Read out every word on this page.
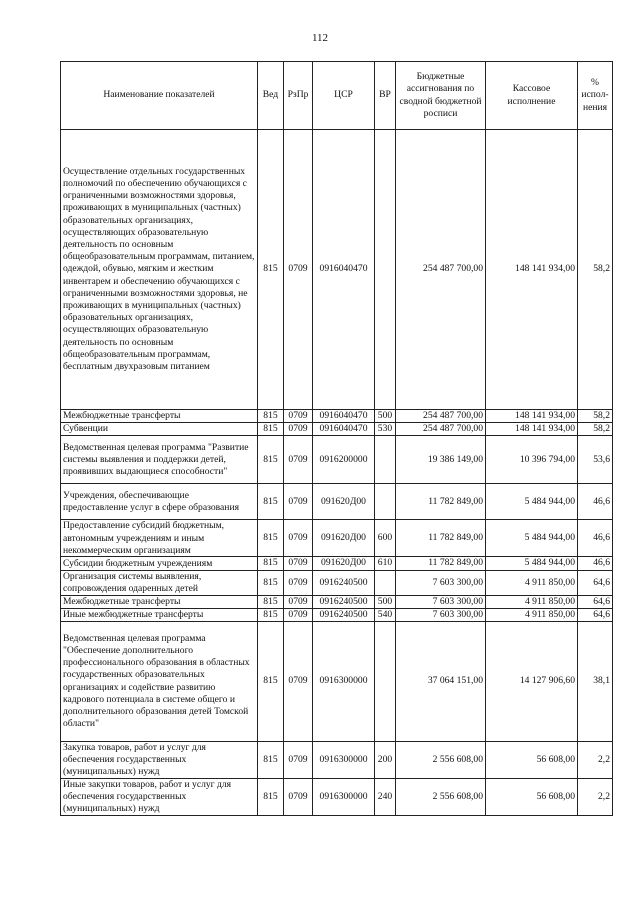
112
Наименование показателей	Вед	РзПр	ЦСР	ВР	Бюджетные ассигнования по сводной бюджетной росписи	Кассовое исполнение	% испол-нения

Осуществление отдельных государственных полномочий по обеспечению обучающихся с ограниченными возможностями здоровья, проживающих в муниципальных (частных) образовательных организациях, осуществляющих образовательную деятельность по основным общеобразовательным программам, питанием, одеждой, обувью, мягким и жестким инвентарем и обеспечению обучающихся с ограниченными возможностями здоровья, не проживающих в муниципальных (частных) образовательных организациях, осуществляющих образовательную деятельность по основным общеобразовательным программам, бесплатным двухразовым питанием	815	0709	0916040470		254 487 700,00	148 141 934,00	58,2

Межбюджетные трансферты	815	0709	0916040470	500	254 487 700,00	148 141 934,00	58,2

Субвенции	815	0709	0916040470	530	254 487 700,00	148 141 934,00	58,2

Ведомственная целевая программа "Развитие системы выявления и поддержки детей, проявивших выдающиеся способности"	815	0709	0916200000		19 386 149,00	10 396 794,00	53,6

Учреждения, обеспечивающие предоставление услуг в сфере образования	815	0709	091620Д00		11 782 849,00	5 484 944,00	46,6

Предоставление субсидий бюджетным, автономным учреждениям и иным некоммерческим организациям	815	0709	091620Д00	600	11 782 849,00	5 484 944,00	46,6

Субсидии бюджетным учреждениям	815	0709	091620Д00	610	11 782 849,00	5 484 944,00	46,6

Организация системы выявления, сопровождения одаренных детей	815	0709	0916240500		7 603 300,00	4 911 850,00	64,6

Межбюджетные трансферты	815	0709	0916240500	500	7 603 300,00	4 911 850,00	64,6

Иные межбюджетные трансферты	815	0709	0916240500	540	7 603 300,00	4 911 850,00	64,6

Ведомственная целевая программа "Обеспечение дополнительного профессионального образования в областных государственных образовательных организациях и содействие развитию кадрового потенциала в системе общего и дополнительного образования детей Томской области"	815	0709	0916300000		37 064 151,00	14 127 906,60	38,1

Закупка товаров, работ и услуг для обеспечения государственных (муниципальных) нужд	815	0709	0916300000	200	2 556 608,00	56 608,00	2,2

Иные закупки товаров, работ и услуг для обеспечения государственных (муниципальных) нужд	815	0709	0916300000	240	2 556 608,00	56 608,00	2,2
